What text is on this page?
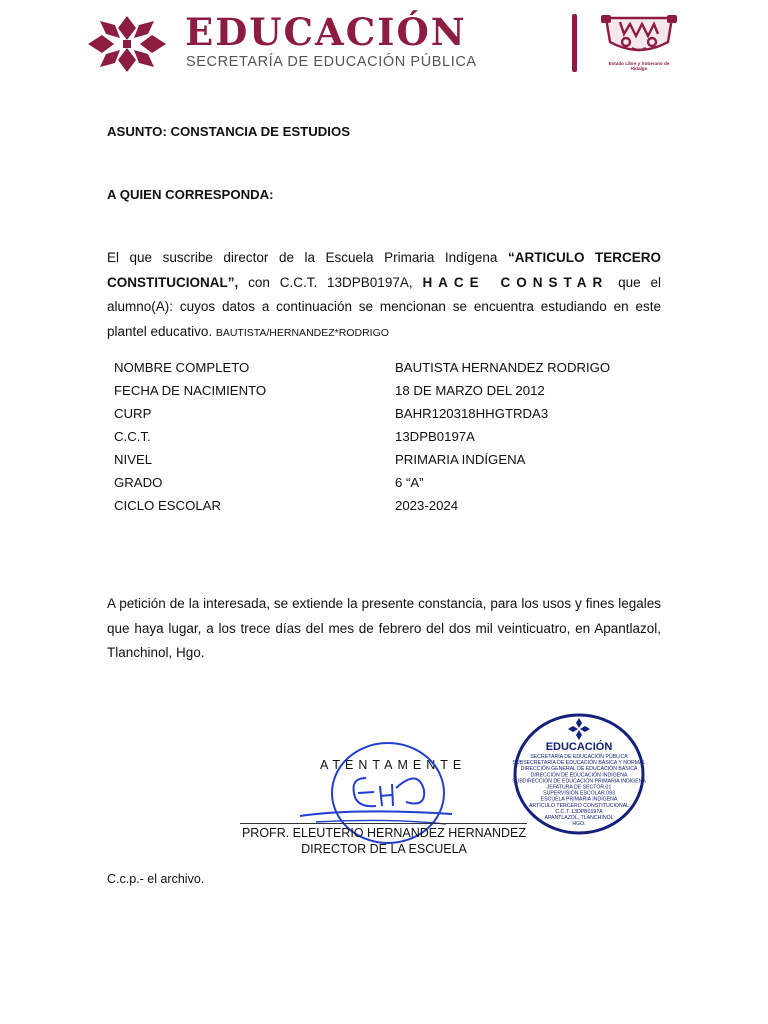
EDUCACIÓN
SECRETARÍA DE EDUCACIÓN PÚBLICA	Estado Libre y Soberano de Hidalgo
ASUNTO: CONSTANCIA DE ESTUDIOS
A QUIEN CORRESPONDA:
El que suscribe director de la Escuela Primaria Indígena “ARTICULO TERCERO CONSTITUCIONAL”, con C.C.T. 13DPB0197A, HACE CONSTAR que el alumno(A): cuyos datos a continuación se mencionan se encuentra estudiando en este plantel educativo. BAUTISTA/HERNANDEZ*RODRIGO
NOMBRE COMPLETO	BAUTISTA HERNANDEZ RODRIGO
FECHA DE NACIMIENTO	18 DE MARZO DEL 2012
CURP	BAHR120318HHGTRDA3
C.C.T.	13DPB0197A
NIVEL	PRIMARIA INDÍGENA
GRADO	6 “A”
CICLO ESCOLAR	2023-2024
A petición de la interesada, se extiende la presente constancia, para los usos y fines legales que haya lugar, a los trece días del mes de febrero del dos mil veinticuatro, en Apantlazol, Tlanchinol, Hgo.
ATENTAMENTE
PROFR. ELEUTERIO HERNANDEZ HERNANDEZ
DIRECTOR DE LA ESCUELA
EDUCACIÓN
SECRETARÍA DE EDUCACIÓN PÚBLICA
SUBSECRETARÍA DE EDUCACIÓN BÁSICA Y NORMAL
DIRECCIÓN GENERAL DE EDUCACIÓN BÁSICA
DIRECCIÓN DE EDUCACIÓN INDÍGENA
SUBDIRECCIÓN DE EDUCACIÓN PRIMARIA INDÍGENA
JEFATURA DE SECTOR 01
SUPERVISIÓN ESCOLAR 093
ESCUELA PRIMARIA INDÍGENA
ARTÍCULO TERCERO CONSTITUCIONAL
C.C.T. 13DPB0197A
APANTLAZOL, TLANCHINOL
HGO.
C.c.p.- el archivo.
